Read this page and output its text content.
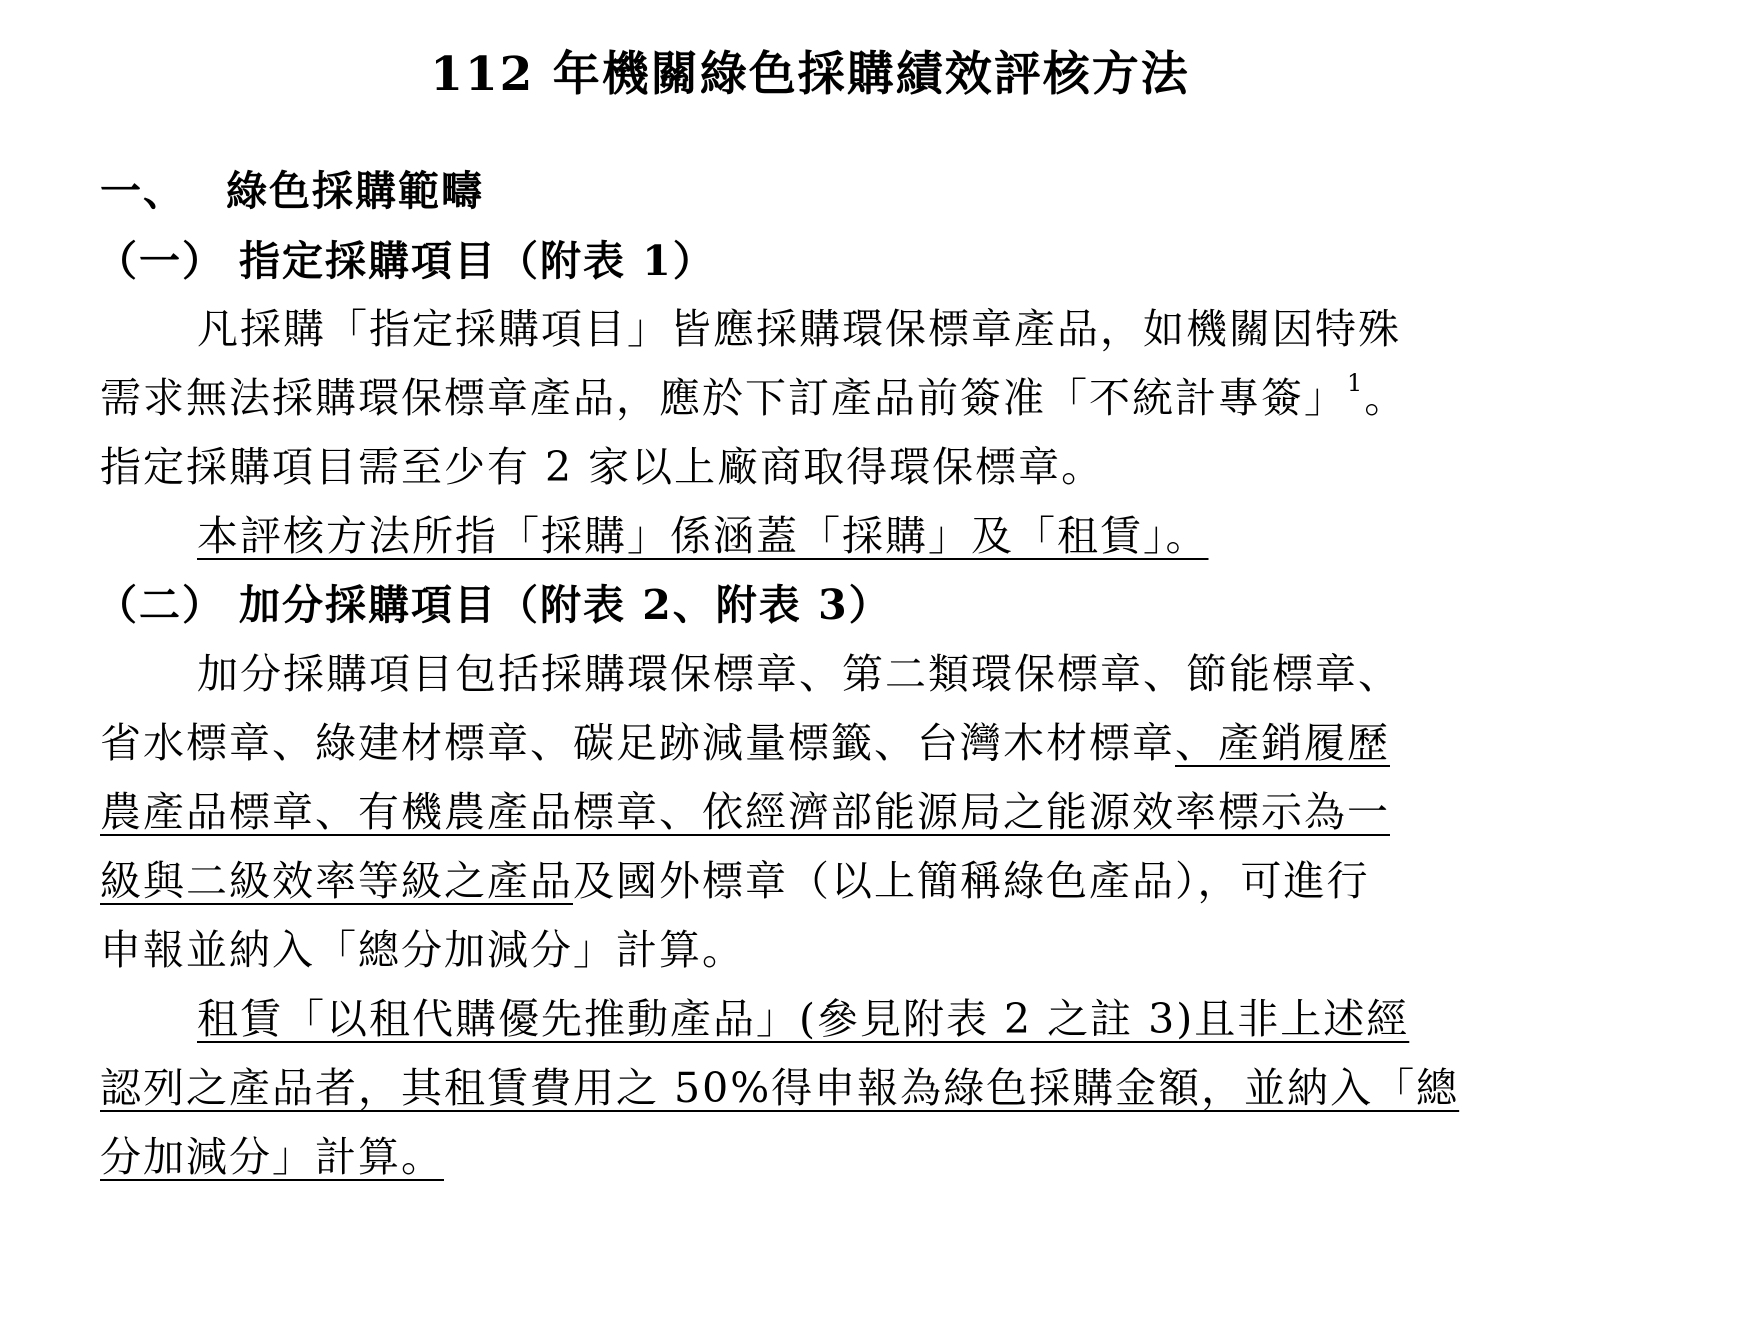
112 年機關綠色採購績效評核方法
一、 綠色採購範疇
（一） 指定採購項目（附表 1）
凡採購「指定採購項目」皆應採購環保標章產品，如機關因特殊
需求無法採購環保標章產品，應於下訂產品前簽准「不統計專簽」$^1$。
指定採購項目需至少有 2 家以上廠商取得環保標章。
本評核方法所指「採購」係涵蓋「採購」及「租賃」。
（二） 加分採購項目（附表 2、附表 3）
加分採購項目包括採購環保標章、第二類環保標章、節能標章、
省水標章、綠建材標章、碳足跡減量標籤、台灣木材標章、產銷履歷
農產品標章、有機農產品標章、依經濟部能源局之能源效率標示為一
級與二級效率等級之產品及國外標章（以上簡稱綠色產品），可進行
申報並納入「總分加減分」計算。
租賃「以租代購優先推動產品」(參見附表 2 之註 3)且非上述經
認列之產品者，其租賃費用之 50%得申報為綠色採購金額，並納入「總
分加減分」計算。
